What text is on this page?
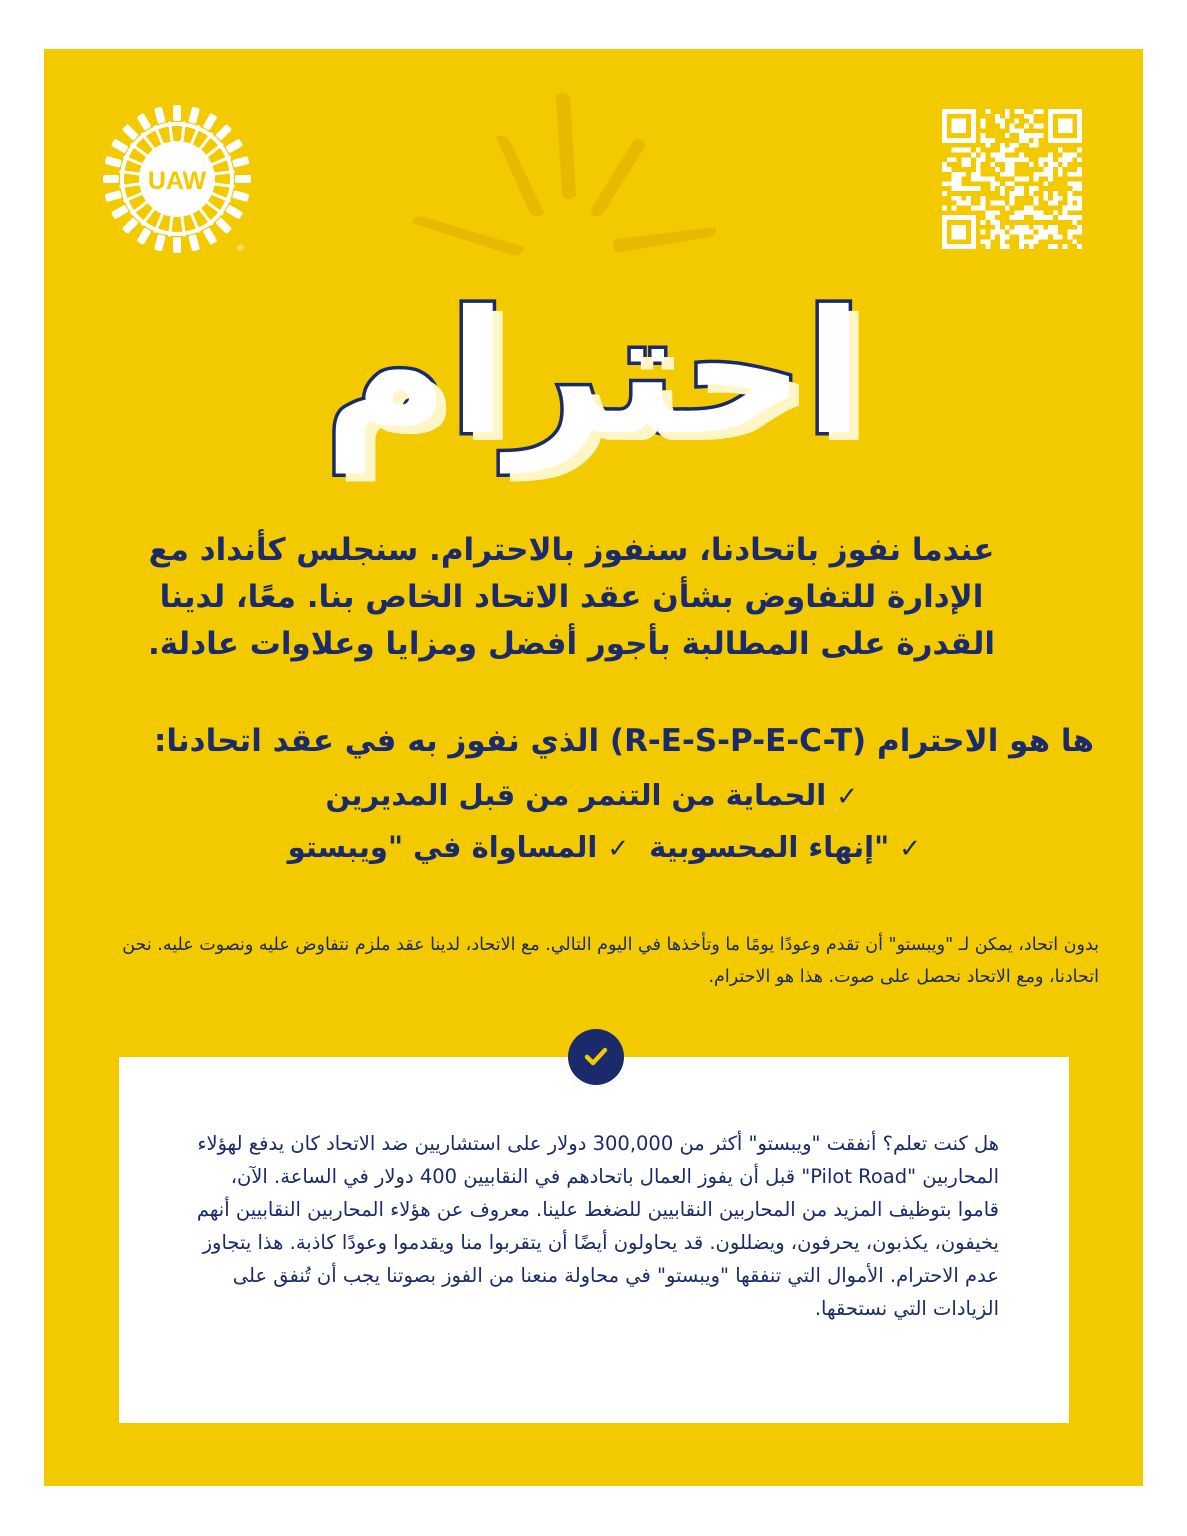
UAW
®
احترام
عندما نفوز باتحادنا، سنفوز بالاحترام. سنجلس كأنداد مع الإدارة للتفاوض بشأن عقد الاتحاد الخاص بنا. معًا، لدينا القدرة على المطالبة بأجور أفضل ومزايا وعلاوات عادلة.
ها هو الاحترام (R-E-S-P-E-C-T) الذي نفوز به في عقد اتحادنا:
✓الحماية من التنمر من قبل المديرين
✓"إنهاء المحسوبية✓المساواة في "ويبستو
بدون اتحاد، يمكن لـ "ويبستو" أن تقدم وعودًا يومًا ما وتأخذها في اليوم التالي. مع الاتحاد، لدينا عقد ملزم نتفاوض عليه ونصوت عليه. نحن اتحادنا، ومع الاتحاد نحصل على صوت. هذا هو الاحترام.
هل كنت تعلم؟ أنفقت "ويبستو" أكثر من 300,000 دولار على استشاريين ضد الاتحاد كان يدفع لهؤلاء المحاربين "Pilot Road" قبل أن يفوز العمال باتحادهم في النقابيين 400 دولار في الساعة. الآن، قاموا بتوظيف المزيد من المحاربين النقابيين للضغط علينا. معروف عن هؤلاء المحاربين النقابيين أنهم يخيفون، يكذبون، يحرفون، ويضللون. قد يحاولون أيضًا أن يتقربوا منا ويقدموا وعودًا كاذبة. هذا يتجاوز عدم الاحترام. الأموال التي تنفقها "ويبستو" في محاولة منعنا من الفوز بصوتنا يجب أن تُنفق على الزيادات التي نستحقها.
